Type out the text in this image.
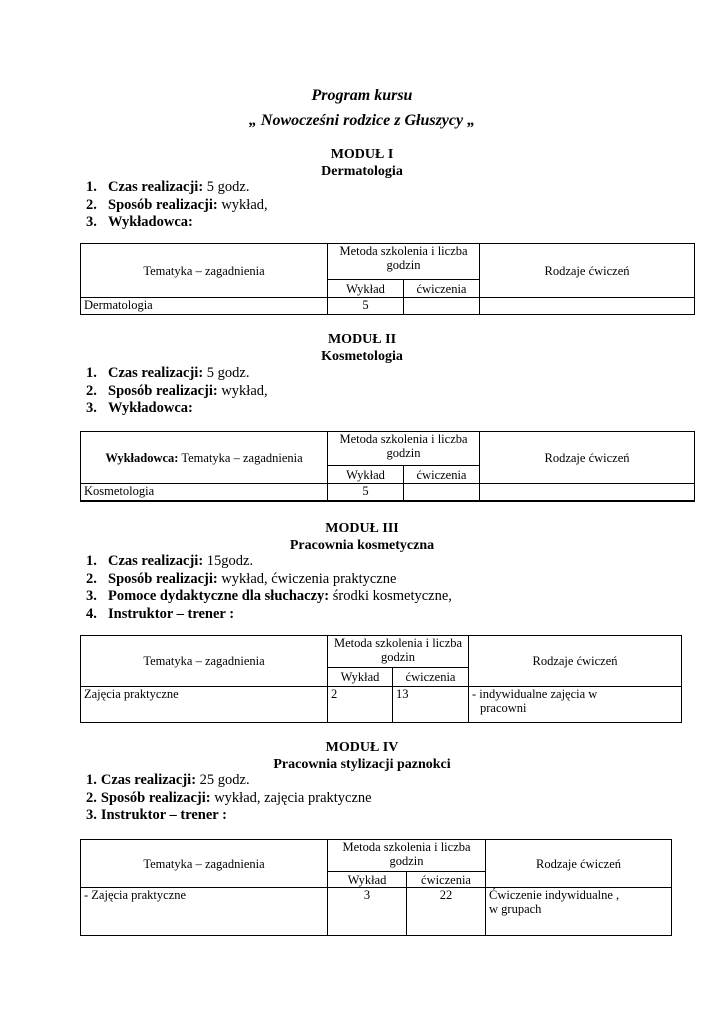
Program kursu
„ Nowocześni rodzice z Głuszycy „
MODUŁ I
Dermatologia
1. Czas realizacji: 5 godz.
2. Sposób realizacji: wykład,
3. Wykładowca:
Tematyka – zagadnienia	Metoda szkolenia i liczba godzin		Rodzaje ćwiczeń
	Wykład	ćwiczenia	
Dermatologia	5		
MODUŁ II
Kosmetologia
1. Czas realizacji: 5 godz.
2. Sposób realizacji: wykład,
3. Wykładowca:
Wykładowca: Tematyka – zagadnienia	Metoda szkolenia i liczba godzin		Rodzaje ćwiczeń
	Wykład	ćwiczenia	
Kosmetologia	5		
MODUŁ III
Pracownia kosmetyczna
1. Czas realizacji: 15godz.
2. Sposób realizacji: wykład, ćwiczenia praktyczne
3. Pomoce dydaktyczne dla słuchaczy: środki kosmetyczne,
4. Instruktor – trener :
Tematyka – zagadnienia	Metoda szkolenia i liczba godzin		Rodzaje ćwiczeń
	Wykład	ćwiczenia	
Zajęcia praktyczne	2	13	- indywidualne zajęcia w
pracowni
MODUŁ IV
Pracownia stylizacji paznokci
1. Czas realizacji: 25 godz.
2. Sposób realizacji: wykład, zajęcia praktyczne
3. Instruktor – trener :
Tematyka – zagadnienia	Metoda szkolenia i liczba godzin		Rodzaje ćwiczeń
	Wykład	ćwiczenia	
- Zajęcia praktyczne	3	22	Ćwiczenie indywidualne ,
w grupach
